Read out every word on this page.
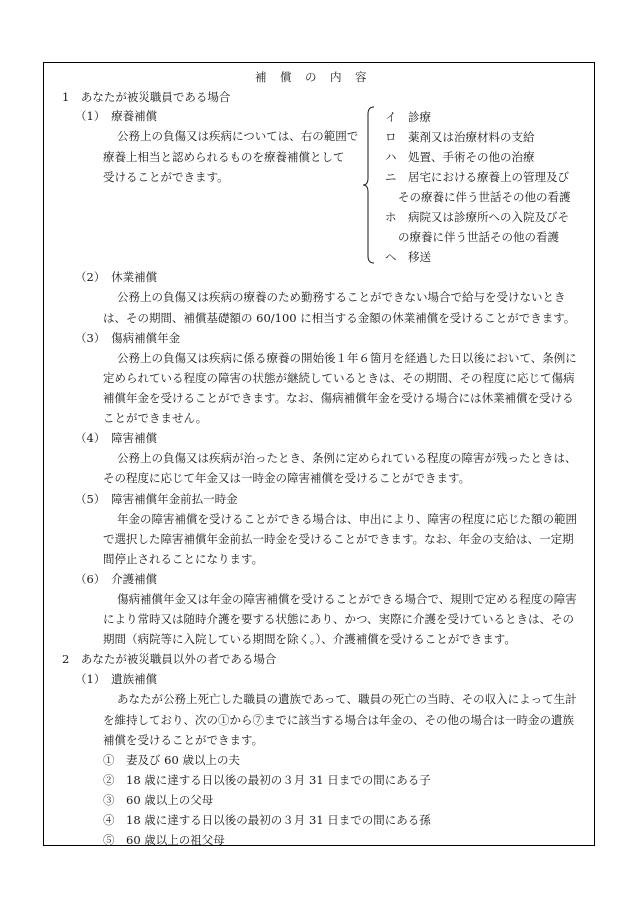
補　償　の　内　容
1　あなたが被災職員である場合
（1）　療養補償
公務上の負傷又は疾病については、右の範囲で
療養上相当と認められるものを療養補償として
受けることができます。
イ　診療
ロ　薬剤又は治療材料の支給
ハ　処置、手術その他の治療
ニ　居宅における療養上の管理及び
その療養に伴う世話その他の看護
ホ　病院又は診療所への入院及びそ
の療養に伴う世話その他の看護
ヘ　移送
（2）　休業補償
公務上の負傷又は疾病の療養のため勤務することができない場合で給与を受けないとき
は、その期間、補償基礎額の 60/100 に相当する金額の休業補償を受けることができます。
（3）　傷病補償年金
公務上の負傷又は疾病に係る療養の開始後１年６箇月を経過した日以後において、条例に
定められている程度の障害の状態が継続しているときは、その期間、その程度に応じて傷病
補償年金を受けることができます。なお、傷病補償年金を受ける場合には休業補償を受ける
ことができません。
（4）　障害補償
公務上の負傷又は疾病が治ったとき、条例に定められている程度の障害が残ったときは、
その程度に応じて年金又は一時金の障害補償を受けることができます。
（5）　障害補償年金前払一時金
年金の障害補償を受けることができる場合は、申出により、障害の程度に応じた額の範囲
で選択した障害補償年金前払一時金を受けることができます。なお、年金の支給は、一定期
間停止されることになります。
（6）　介護補償
傷病補償年金又は年金の障害補償を受けることができる場合で、規則で定める程度の障害
により常時又は随時介護を要する状態にあり、かつ、実際に介護を受けているときは、その
期間（病院等に入院している期間を除く。）、介護補償を受けることができます。
2　あなたが被災職員以外の者である場合
（1）　遺族補償
あなたが公務上死亡した職員の遺族であって、職員の死亡の当時、その収入によって生計
を維持しており、次の①から⑦までに該当する場合は年金の、その他の場合は一時金の遺族
補償を受けることができます。
①　妻及び 60 歳以上の夫
②　18 歳に達する日以後の最初の３月 31 日までの間にある子
③　60 歳以上の父母
④　18 歳に達する日以後の最初の３月 31 日までの間にある孫
⑤　60 歳以上の祖父母
